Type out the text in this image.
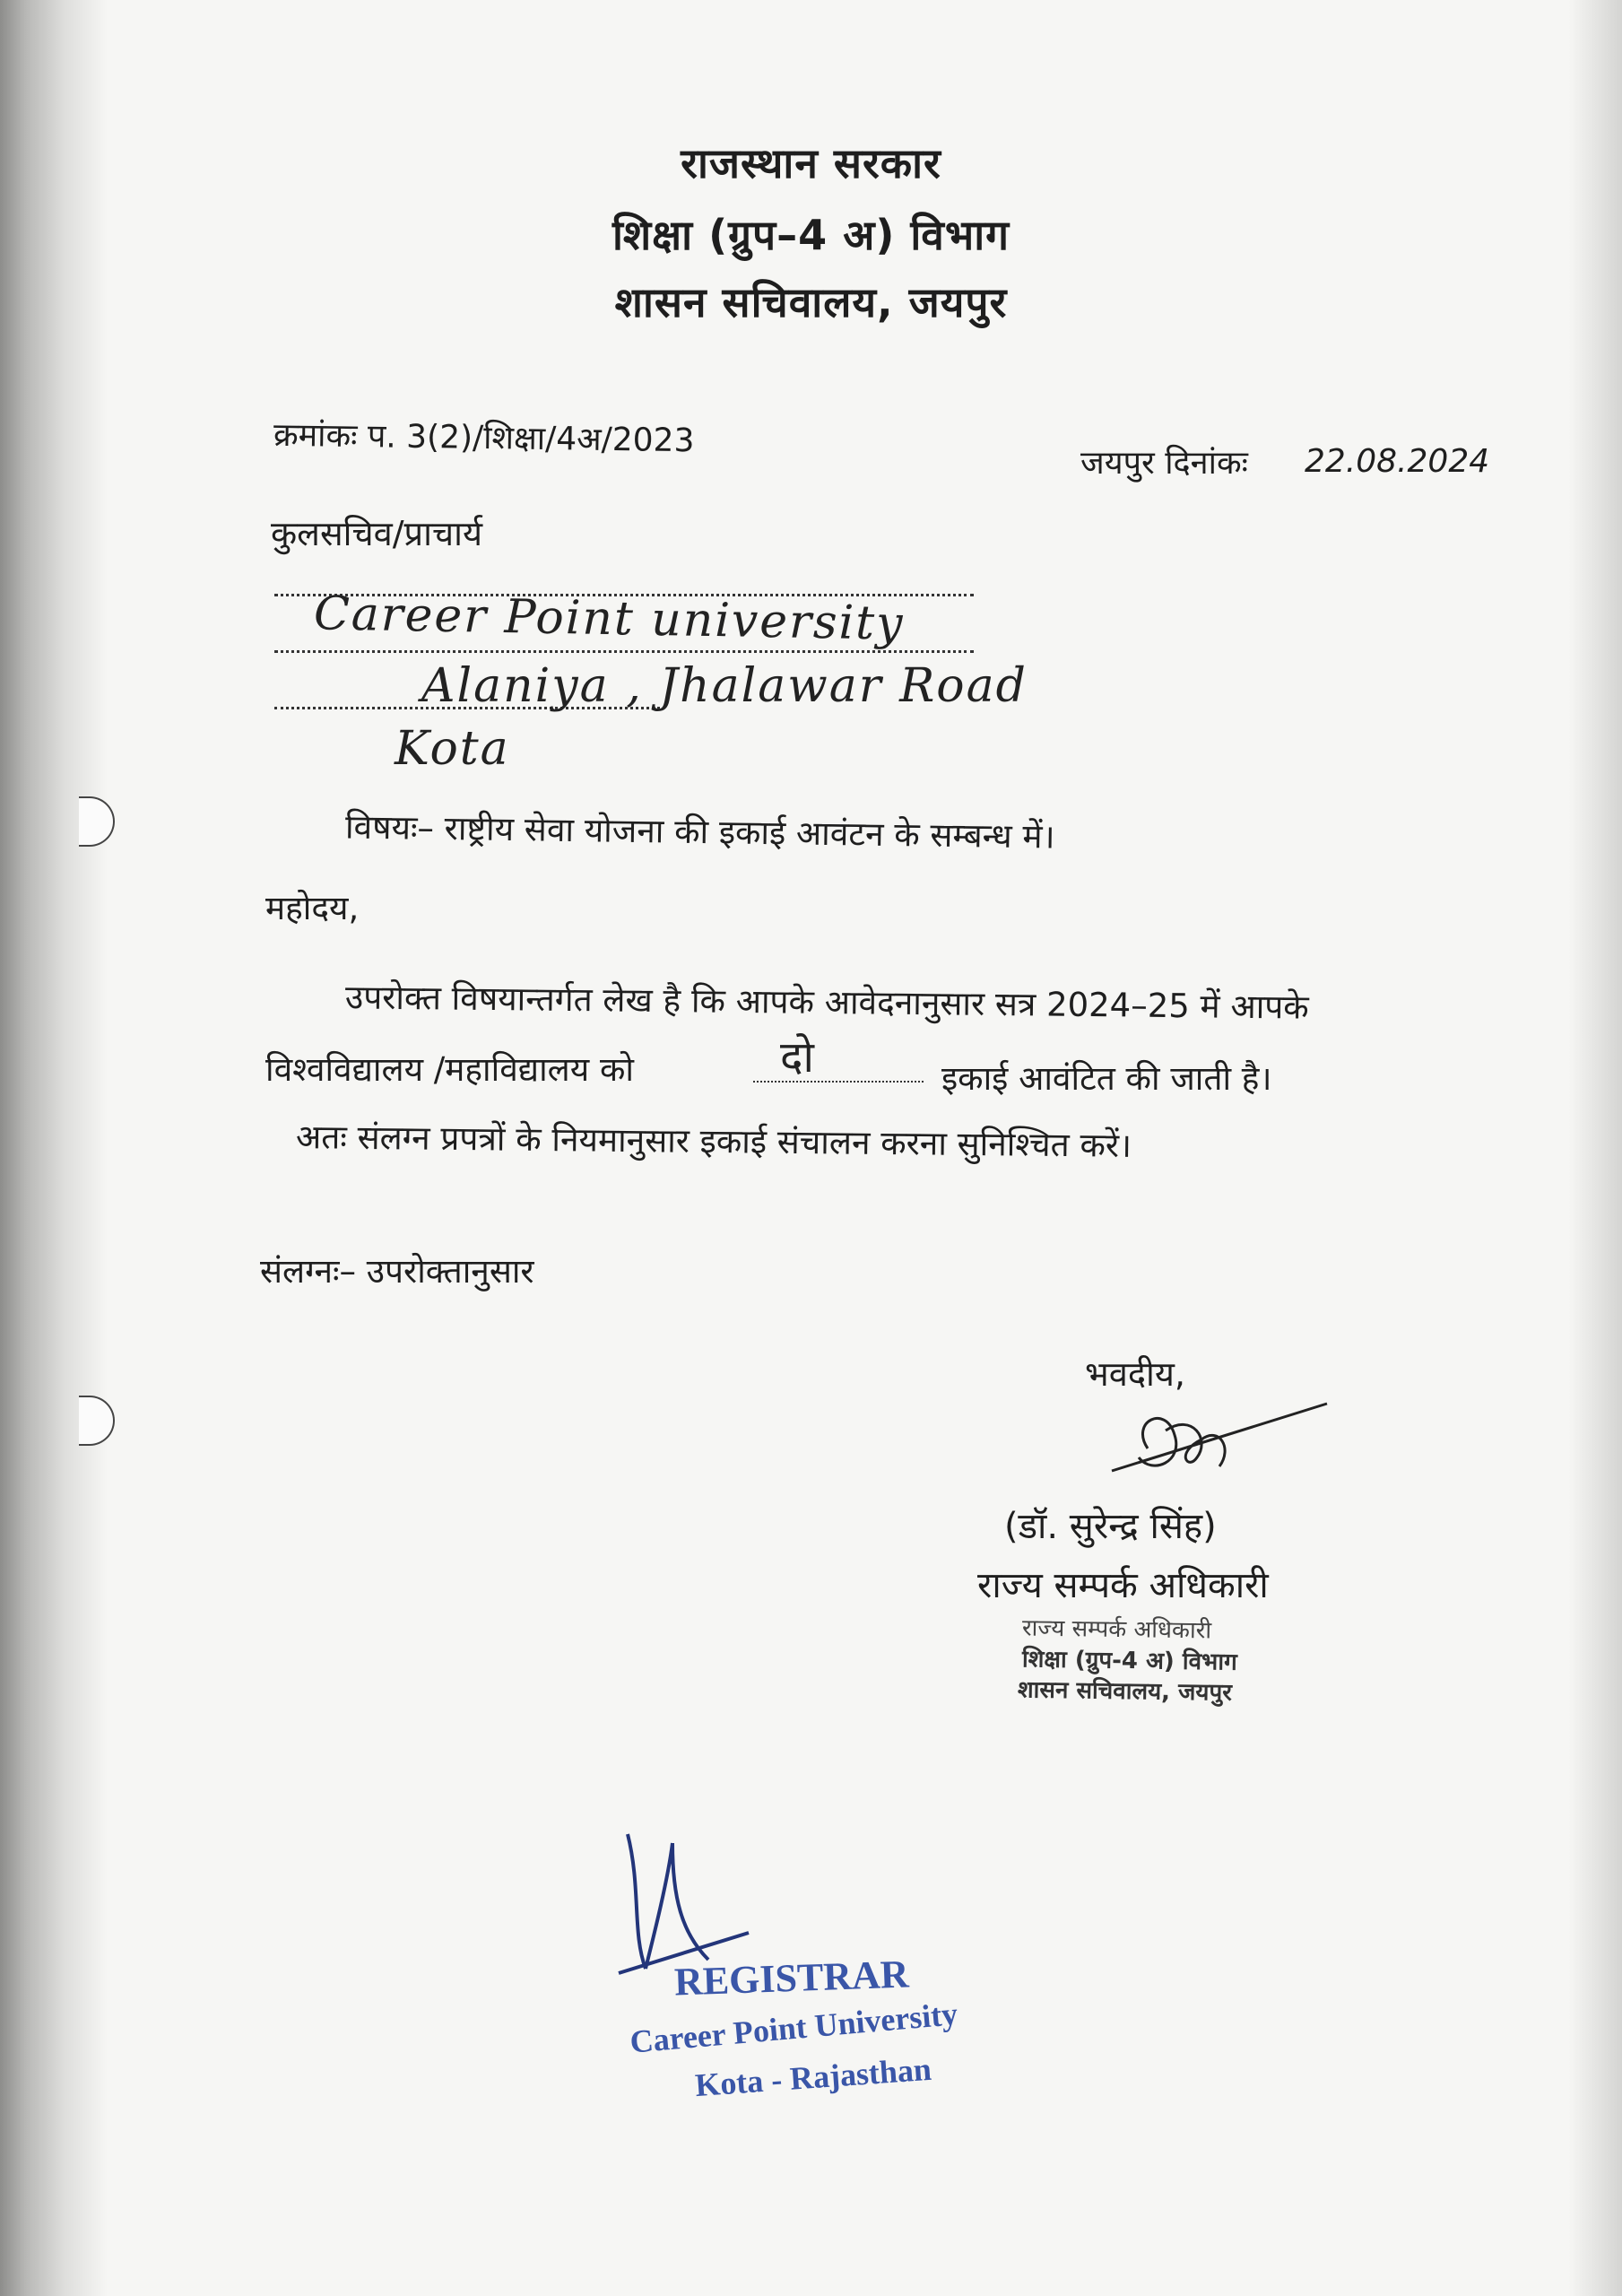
राजस्थान सरकार
शिक्षा (ग्रुप–4 अ) विभाग
शासन सचिवालय, जयपुर
क्रमांकः प. 3(2)/शिक्षा/4अ/2023
जयपुर दिनांकः 22.08.2024
कुलसचिव/प्राचार्य
Career Point university
Alaniya , Jhalawar Road
Kota
विषयः– राष्ट्रीय सेवा योजना की इकाई आवंटन के सम्बन्ध में।
महोदय,
उपरोक्त विषयान्तर्गत लेख है कि आपके आवेदनानुसार सत्र 2024–25 में आपके
विश्वविद्यालय /महाविद्यालय को	दो	इकाई आवंटित की जाती है।
अतः संलग्न प्रपत्रों के नियमानुसार इकाई संचालन करना सुनिश्चित करें।
संलग्नः– उपरोक्तानुसार
भवदीय,
(डॉ. सुरेन्द्र सिंह)
राज्य सम्पर्क अधिकारी
राज्य सम्पर्क अधिकारी
शिक्षा (ग्रुप-4 अ) विभाग
शासन सचिवालय, जयपुर
REGISTRAR
Career Point University
Kota - Rajasthan
